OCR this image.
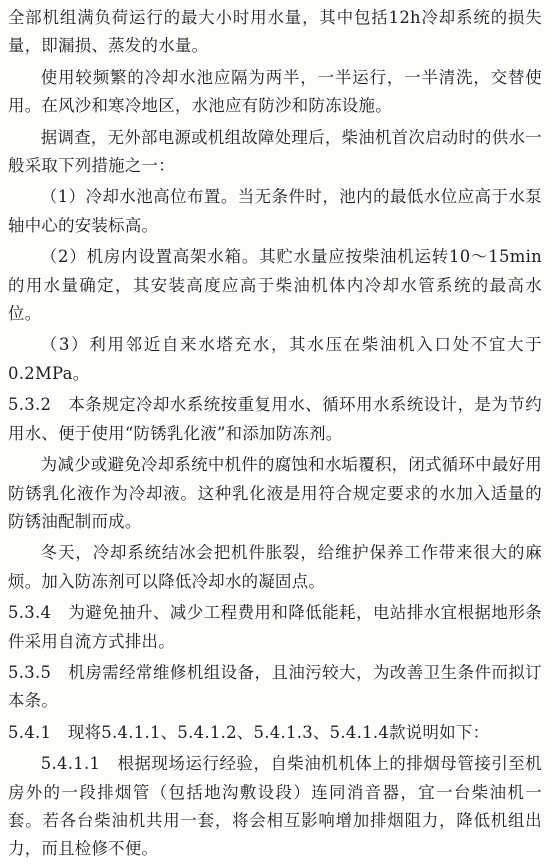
全部机组满负荷运行的最大小时用水量，其中包括12h冷却系统的损失量，即漏损、蒸发的水量。

使用较频繁的冷却水池应隔为两半，一半运行，一半清洗，交替使用。在风沙和寒冷地区，水池应有防沙和防冻设施。

据调查，无外部电源或机组故障处理后，柴油机首次启动时的供水一般采取下列措施之一：

（1）冷却水池高位布置。当无条件时，池内的最低水位应高于水泵轴中心的安装标高。

（2）机房内设置高架水箱。其贮水量应按柴油机运转10～15min的用水量确定，其安装高度应高于柴油机体内冷却水管系统的最高水位。

（3）利用邻近自来水塔充水，其水压在柴油机入口处不宜大于0.2MPa。

5.3.2　本条规定冷却水系统按重复用水、循环用水系统设计，是为节约用水、便于使用“防锈乳化液”和添加防冻剂。

为减少或避免冷却系统中机件的腐蚀和水垢覆积，闭式循环中最好用防锈乳化液作为冷却液。这种乳化液是用符合规定要求的水加入适量的防锈油配制而成。

冬天，冷却系统结冰会把机件胀裂，给维护保养工作带来很大的麻烦。加入防冻剂可以降低冷却水的凝固点。

5.3.4　为避免抽升、减少工程费用和降低能耗，电站排水宜根据地形条件采用自流方式排出。

5.3.5　机房需经常维修机组设备，且油污较大，为改善卫生条件而拟订本条。

5.4.1　现将5.4.1.1、5.4.1.2、5.4.1.3、5.4.1.4款说明如下：

5.4.1.1　根据现场运行经验，自柴油机机体上的排烟母管接引至机房外的一段排烟管（包括地沟敷设段）连同消音器，宜一台柴油机一套。若各台柴油机共用一套，将会相互影响增加排烟阻力，降低机组出力，而且检修不便。
